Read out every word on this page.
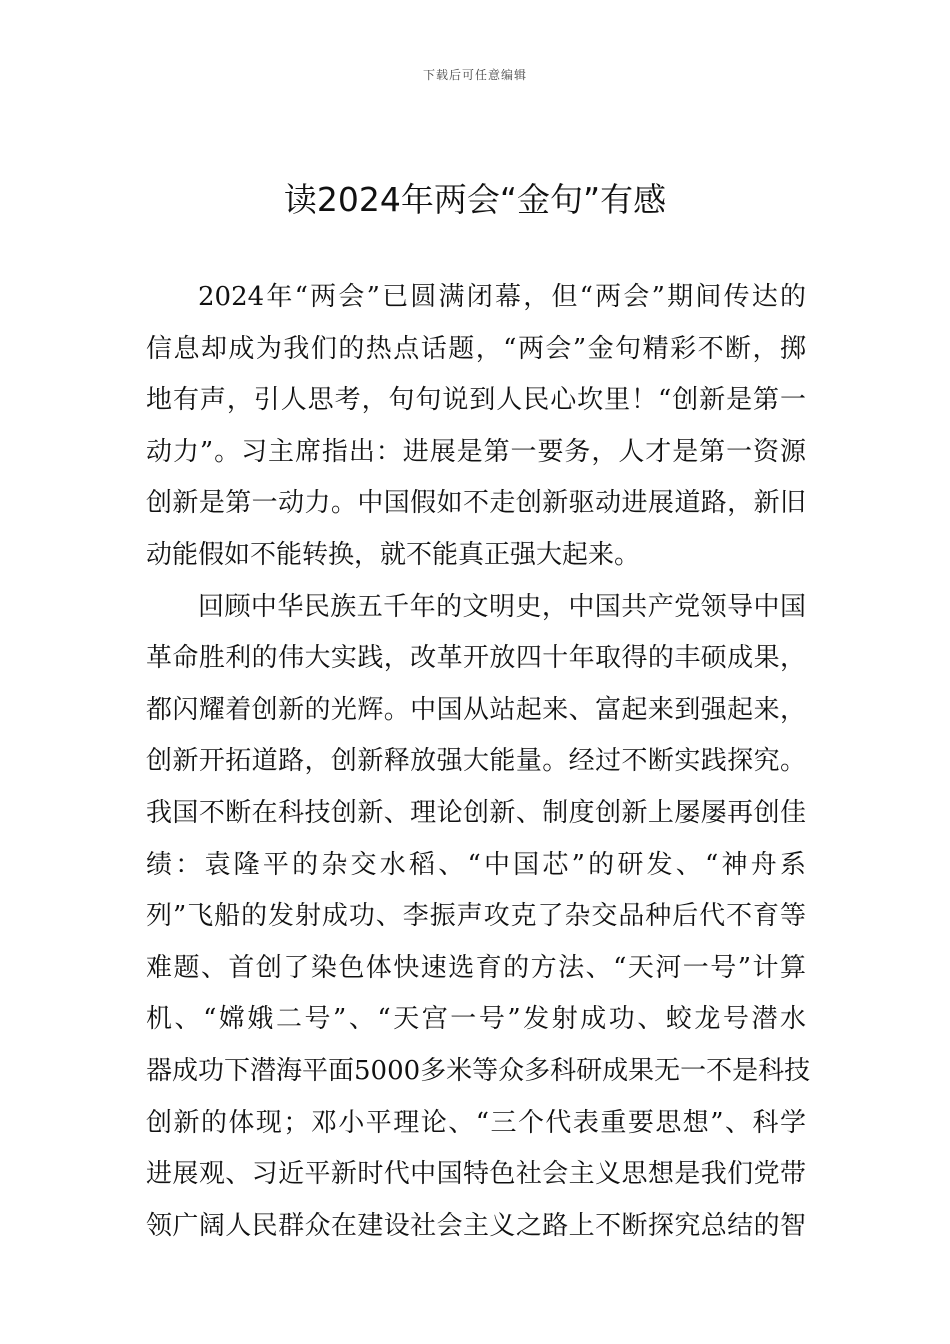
下载后可任意编辑
读2024年两会“金句”有感
2024年“两会”已圆满闭幕，但“两会”期间传达的
信息却成为我们的热点话题，“两会”金句精彩不断，掷
地有声，引人思考，句句说到人民心坎里！“创新是第一
动力”。习主席指出：进展是第一要务，人才是第一资源
创新是第一动力。中国假如不走创新驱动进展道路，新旧
动能假如不能转换，就不能真正强大起来。
回顾中华民族五千年的文明史，中国共产党领导中国
革命胜利的伟大实践，改革开放四十年取得的丰硕成果，
都闪耀着创新的光辉。中国从站起来、富起来到强起来，
创新开拓道路，创新释放强大能量。经过不断实践探究。
我国不断在科技创新、理论创新、制度创新上屡屡再创佳
绩：袁隆平的杂交水稻、“中国芯”的研发、“神舟系
列”飞船的发射成功、李振声攻克了杂交品种后代不育等
难题、首创了染色体快速选育的方法、“天河一号”计算
机、“嫦娥二号”、“天宫一号”发射成功、蛟龙号潜水
器成功下潜海平面5000多米等众多科研成果无一不是科技
创新的体现；邓小平理论、“三个代表重要思想”、科学
进展观、习近平新时代中国特色社会主义思想是我们党带
领广阔人民群众在建设社会主义之路上不断探究总结的智
